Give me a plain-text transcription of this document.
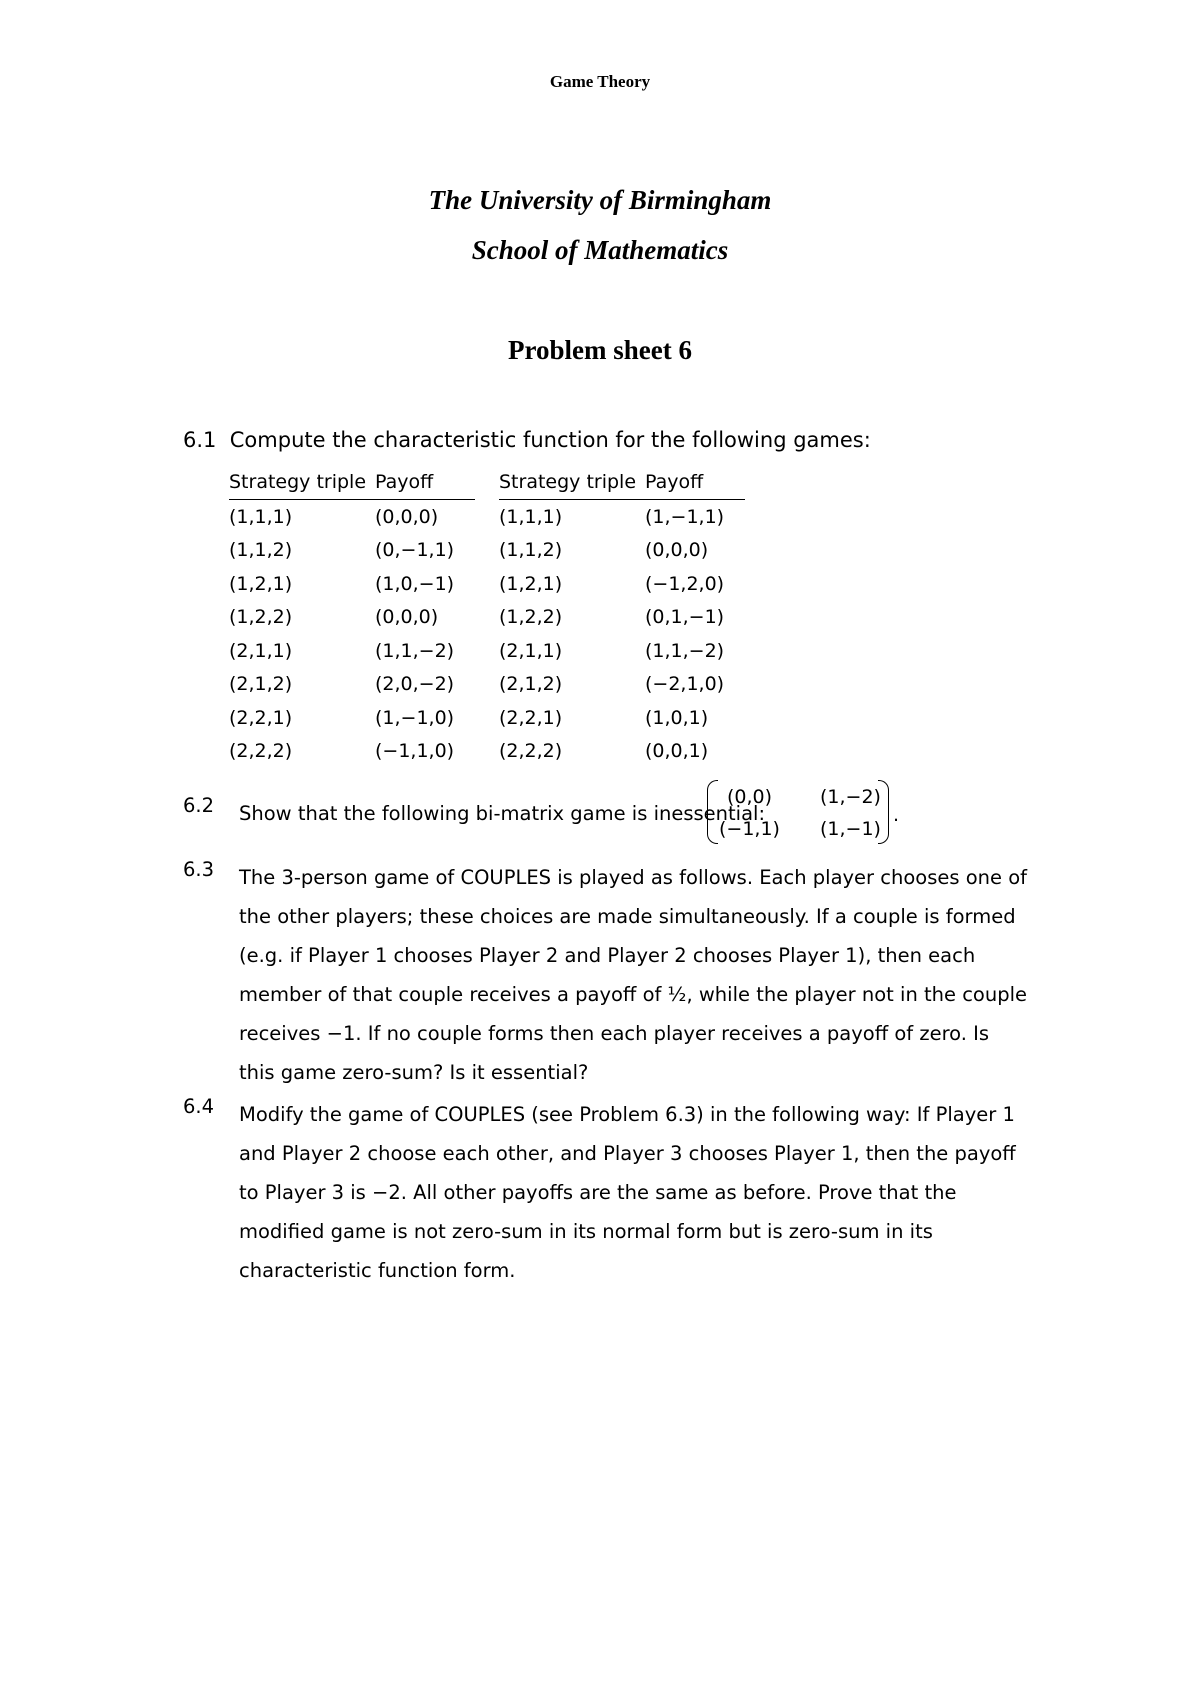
Game Theory
The University of Birmingham
School of Mathematics
Problem sheet 6
6.1 Compute the characteristic function for the following games:
Strategy triple Payoff
(1,1,1)	(0,0,0)
(1,1,2)	(0,−1,1)
(1,2,1)	(1,0,−1)
(1,2,2)	(0,0,0)
(2,1,1)	(1,1,−2)
(2,1,2)	(2,0,−2)
(2,2,1)	(1,−1,0)
(2,2,2)	(−1,1,0)
Strategy triple Payoff
(1,1,1)	(1,−1,1)
(1,1,2)	(0,0,0)
(1,2,1)	(−1,2,0)
(1,2,2)	(0,1,−1)
(2,1,1)	(1,1,−2)
(2,1,2)	(−2,1,0)
(2,2,1)	(1,0,1)
(2,2,2)	(0,0,1)
6.2 Show that the following bi-matrix game is inessential:
(0,0)	(1,−2)
(−1,1) (1,−1)
.
6.3 The 3-person game of COUPLES is played as follows. Each player chooses one of the other players; these choices are made simultaneously. If a couple is formed (e.g. if Player 1 chooses Player 2 and Player 2 chooses Player 1), then each member of that couple receives a payoff of ½, while the player not in the couple receives −1. If no couple forms then each player receives a payoff of zero. Is this game zero-sum? Is it essential?
6.4 Modify the game of COUPLES (see Problem 6.3) in the following way: If Player 1 and Player 2 choose each other, and Player 3 chooses Player 1, then the payoff to Player 3 is −2. All other payoffs are the same as before. Prove that the modified game is not zero-sum in its normal form but is zero-sum in its characteristic function form.
